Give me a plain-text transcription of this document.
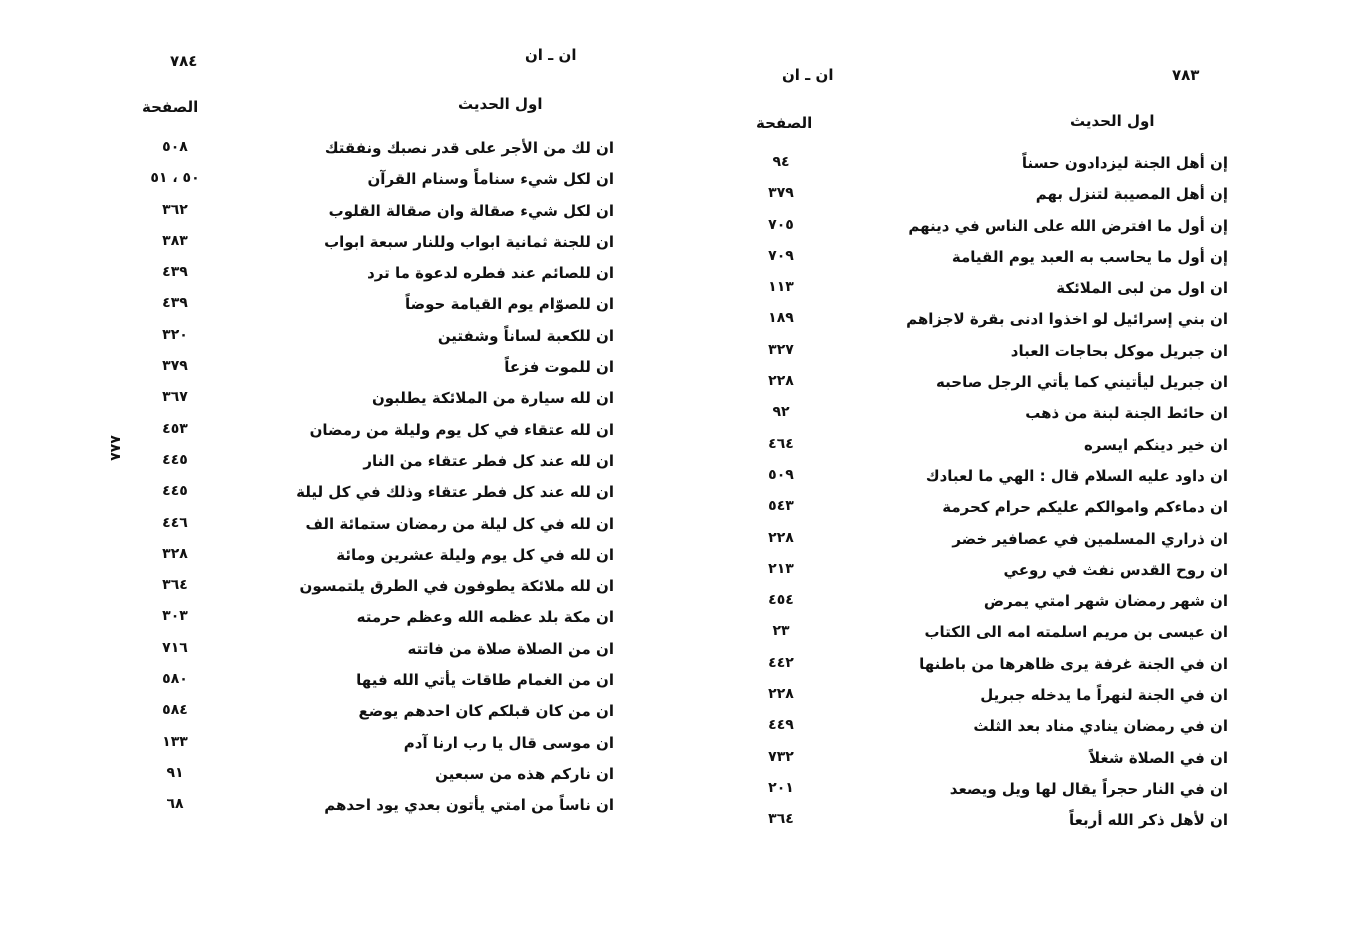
٧٨٤	ان ـ ان
اول الحديث
الصفحة
ان لك من الأجر على قدر نصبك ونفقتك
٥٠٨
ان لكل شيء سناماً وسنام القرآن
٥٠ ، ٥١
ان لكل شيء صقالة وان صقالة القلوب
٣٦٢
ان للجنة ثمانية ابواب وللنار سبعة ابواب
٣٨٣
ان للصائم عند فطره لدعوة ما ترد
٤٣٩
ان للصوّام يوم القيامة حوضاً
٤٣٩
ان للكعبة لساناً وشفتين
٣٢٠
ان للموت فزعاً
٣٧٩
ان لله سيارة من الملائكة يطلبون
٣٦٧
ان لله عتقاء في كل يوم وليلة من رمضان
٤٥٣
ان لله عند كل فطر عتقاء من النار
٤٤٥
ان لله عند كل فطر عتقاء وذلك في كل ليلة
٤٤٥
ان لله في كل ليلة من رمضان ستمائة الف
٤٤٦
ان لله في كل يوم وليلة عشرين ومائة
٣٢٨
ان لله ملائكة يطوفون في الطرق يلتمسون
٣٦٤
ان مكة بلد عظمه الله وعظم حرمته
٣٠٣
ان من الصلاة صلاة من فاتته
٧١٦
ان من الغمام طاقات يأتي الله فيها
٥٨٠
ان من كان قبلكم كان احدهم يوضع
٥٨٤
ان موسى قال يا رب ارنا آدم
١٣٣
ان ناركم هذه من سبعين
٩١
ان ناساً من امتي يأتون بعدي يود احدهم
٦٨
٨٨٨
٧٨٣
ان ـ ان
اول الحديث
الصفحة
إن أهل الجنة ليزدادون حسناً
٩٤
إن أهل المصيبة لتنزل بهم
٣٧٩
إن أول ما افترض الله على الناس في دينهم
٧٠٥
إن أول ما يحاسب به العبد يوم القيامة
٧٠٩
ان اول من لبى الملائكة
١١٣
ان بني إسرائيل لو اخذوا ادنى بقرة لاجزاهم
١٨٩
ان جبريل موكل بحاجات العباد
٣٢٧
ان جبريل ليأتيني كما يأتي الرجل صاحبه
٢٢٨
ان حائط الجنة لبنة من ذهب
٩٢
ان خير دينكم ايسره
٤٦٤
ان داود عليه السلام قال : الهي ما لعبادك
٥٠٩
ان دماءكم واموالكم عليكم حرام كحرمة
٥٤٣
ان ذراري المسلمين في عصافير خضر
٢٢٨
ان روح القدس نفث في روعي
٢١٣
ان شهر رمضان شهر امتي يمرض
٤٥٤
ان عيسى بن مريم اسلمته امه الى الكتاب
٢٣
ان في الجنة غرفة يرى ظاهرها من باطنها
٤٤٢
ان في الجنة لنهراً ما يدخله جبريل
٢٢٨
ان في رمضان ينادي مناد بعد الثلث
٤٤٩
ان في الصلاة شغلاً
٧٣٢
ان في النار حجراً يقال لها ويل ويصعد
٢٠١
ان لأهل ذكر الله أربعاً
٣٦٤
